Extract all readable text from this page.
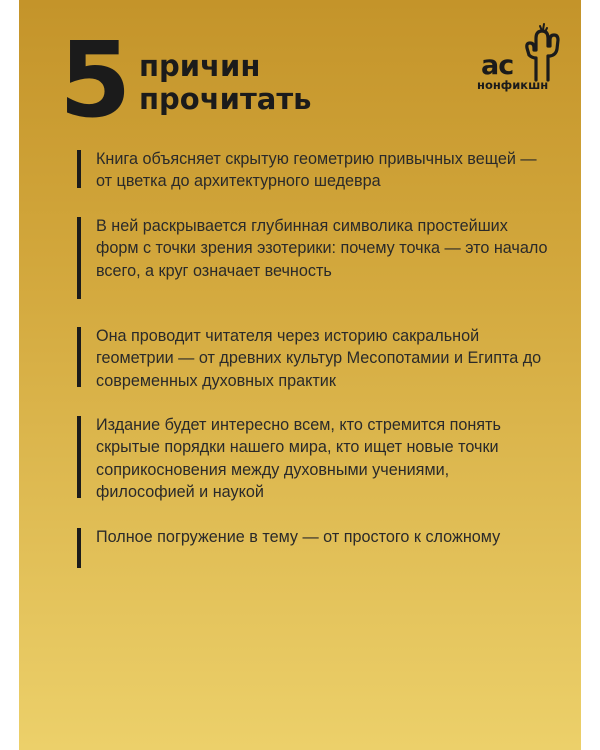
5 причин
прочитать
ас
нонфикшн
Книга объясняет скрытую геометрию привычных вещей — от цветка до архитектурного шедевра
В ней раскрывается глубинная символика простейших форм с точки зрения эзотерики: почему точка — это начало всего, а круг означает вечность
Она проводит читателя через историю сакральной геометрии — от древних культур Месопотамии и Египта до современных духовных практик
Издание будет интересно всем, кто стремится понять скрытые порядки нашего мира, кто ищет новые точки соприкосновения между духовными учениями, философией и наукой
Полное погружение в тему — от простого к сложному
